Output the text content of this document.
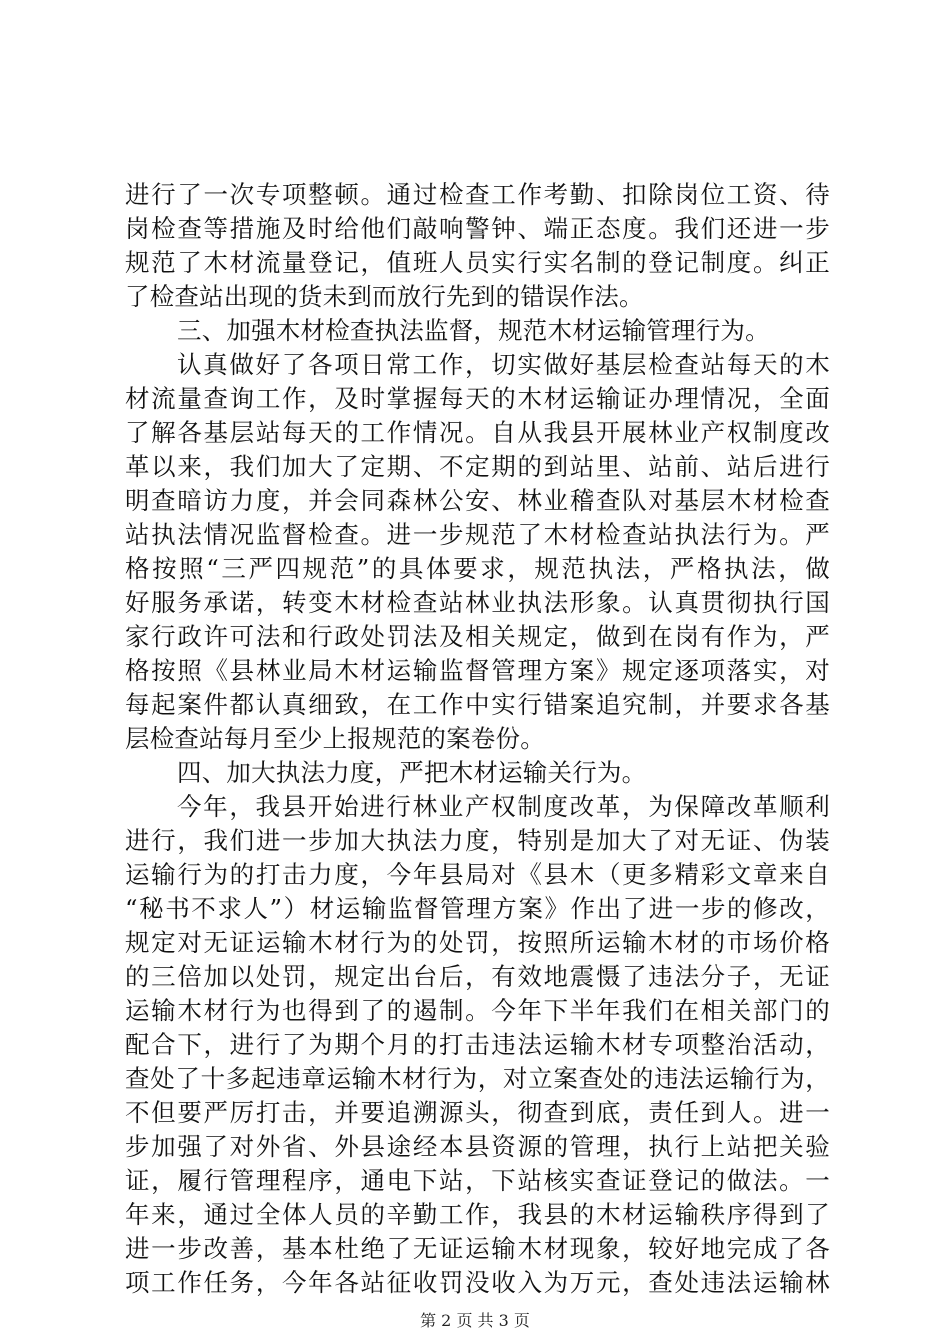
进行了一次专项整顿。通过检查工作考勤、扣除岗位工资、待
岗检查等措施及时给他们敲响警钟、端正态度。我们还进一步
规范了木材流量登记，值班人员实行实名制的登记制度。纠正
了检查站出现的货未到而放行先到的错误作法。
三、加强木材检查执法监督，规范木材运输管理行为。
认真做好了各项日常工作，切实做好基层检查站每天的木
材流量查询工作，及时掌握每天的木材运输证办理情况，全面
了解各基层站每天的工作情况。自从我县开展林业产权制度改
革以来，我们加大了定期、不定期的到站里、站前、站后进行
明查暗访力度，并会同森林公安、林业稽查队对基层木材检查
站执法情况监督检查。进一步规范了木材检查站执法行为。严
格按照“三严四规范”的具体要求，规范执法，严格执法，做
好服务承诺，转变木材检查站林业执法形象。认真贯彻执行国
家行政许可法和行政处罚法及相关规定，做到在岗有作为，严
格按照《县林业局木材运输监督管理方案》规定逐项落实，对
每起案件都认真细致，在工作中实行错案追究制，并要求各基
层检查站每月至少上报规范的案卷份。
四、加大执法力度，严把木材运输关行为。
今年，我县开始进行林业产权制度改革，为保障改革顺利
进行，我们进一步加大执法力度，特别是加大了对无证、伪装
运输行为的打击力度，今年县局对《县木（更多精彩文章来自
“秘书不求人”）材运输监督管理方案》作出了进一步的修改，
规定对无证运输木材行为的处罚，按照所运输木材的市场价格
的三倍加以处罚，规定出台后，有效地震慑了违法分子，无证
运输木材行为也得到了的遏制。今年下半年我们在相关部门的
配合下，进行了为期个月的打击违法运输木材专项整治活动，
查处了十多起违章运输木材行为，对立案查处的违法运输行为，
不但要严厉打击，并要追溯源头，彻查到底，责任到人。进一
步加强了对外省、外县途经本县资源的管理，执行上站把关验
证，履行管理程序，通电下站，下站核实查证登记的做法。一
年来，通过全体人员的辛勤工作，我县的木材运输秩序得到了
进一步改善，基本杜绝了无证运输木材现象，较好地完成了各
项工作任务，今年各站征收罚没收入为万元，查处违法运输林
第 2 页 共 3 页
